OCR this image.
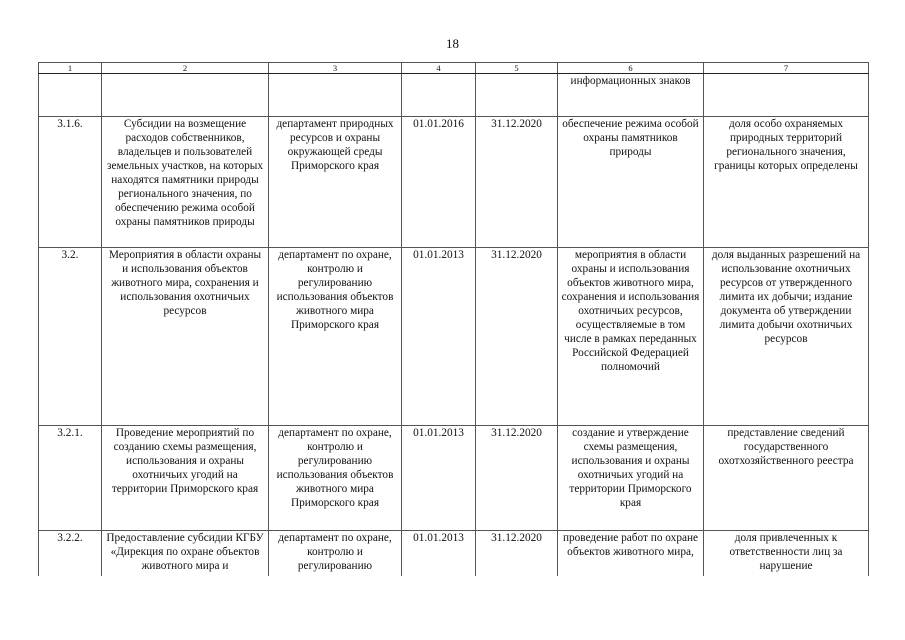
18
1	2	3	4	5	6	7
					информационных знаков	
3.1.6.	Субсидии на возмещение расходов собственников, владельцев и пользователей земельных участков, на которых находятся памятники природы регионального значения, по обеспечению режима особой охраны памятников природы	департамент природных ресурсов и охраны окружающей среды Приморского края	01.01.2016	31.12.2020	обеспечение режима особой охраны памятников природы	доля особо охраняемых природных территорий регионального значения, границы которых определены
3.2.	Мероприятия в области охраны и использования объектов животного мира, сохранения и использования охотничьих ресурсов	департамент по охране, контролю и регулированию использования объектов животного мира Приморского края	01.01.2013	31.12.2020	мероприятия в области охраны и использования объектов животного мира, сохранения и использования охотничьих ресурсов, осуществляемые в том числе в рамках переданных Российской Федерацией полномочий	доля выданных разрешений на использование охотничьих ресурсов от утвержденного лимита их добычи; издание документа об утверждении лимита добычи охотничьих ресурсов
3.2.1.	Проведение мероприятий по созданию схемы размещения, использования и охраны охотничьих угодий на территории Приморского края	департамент по охране, контролю и регулированию использования объектов животного мира Приморского края	01.01.2013	31.12.2020	создание и утверждение схемы размещения, использования и охраны охотничьих угодий на территории Приморского края	представление сведений государственного охотхозяйственного реестра
3.2.2.	Предоставление субсидии КГБУ «Дирекция по охране объектов животного мира и	департамент по охране, контролю и регулированию	01.01.2013	31.12.2020	проведение работ по охране объектов животного мира,	доля привлеченных к ответственности лиц за нарушение
